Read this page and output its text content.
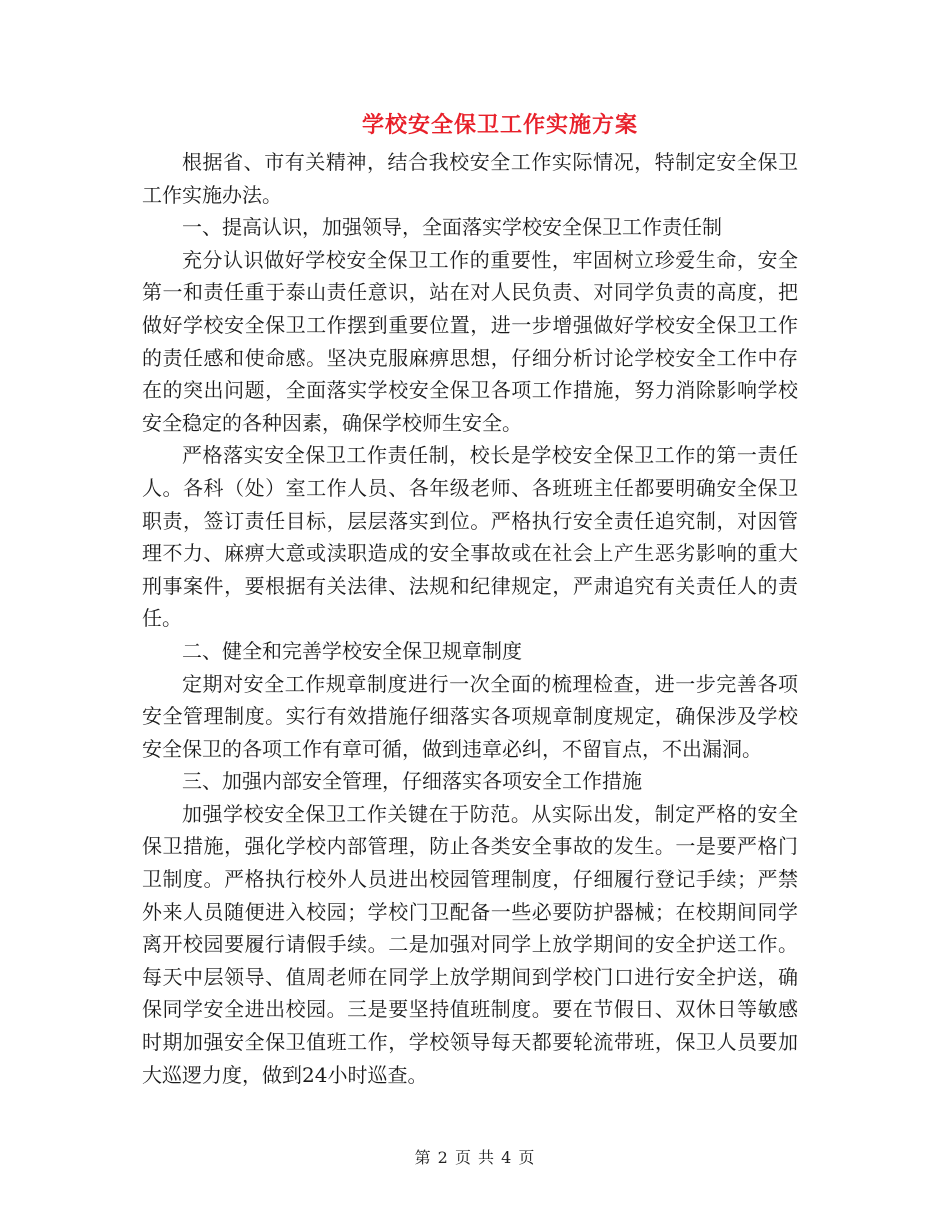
学校安全保卫工作实施方案

根据省、市有关精神，结合我校安全工作实际情况，特制定安全保卫工作实施办法。

一、提高认识，加强领导，全面落实学校安全保卫工作责任制

充分认识做好学校安全保卫工作的重要性，牢固树立珍爱生命，安全第一和责任重于泰山责任意识，站在对人民负责、对同学负责的高度，把做好学校安全保卫工作摆到重要位置，进一步增强做好学校安全保卫工作的责任感和使命感。坚决克服麻痹思想，仔细分析讨论学校安全工作中存在的突出问题，全面落实学校安全保卫各项工作措施，努力消除影响学校安全稳定的各种因素，确保学校师生安全。

严格落实安全保卫工作责任制，校长是学校安全保卫工作的第一责任人。各科（处）室工作人员、各年级老师、各班班主任都要明确安全保卫职责，签订责任目标，层层落实到位。严格执行安全责任追究制，对因管理不力、麻痹大意或渎职造成的安全事故或在社会上产生恶劣影响的重大刑事案件，要根据有关法律、法规和纪律规定，严肃追究有关责任人的责任。

二、健全和完善学校安全保卫规章制度

定期对安全工作规章制度进行一次全面的梳理检查，进一步完善各项安全管理制度。实行有效措施仔细落实各项规章制度规定，确保涉及学校安全保卫的各项工作有章可循，做到违章必纠，不留盲点，不出漏洞。

三、加强内部安全管理，仔细落实各项安全工作措施

加强学校安全保卫工作关键在于防范。从实际出发，制定严格的安全保卫措施，强化学校内部管理，防止各类安全事故的发生。一是要严格门卫制度。严格执行校外人员进出校园管理制度，仔细履行登记手续；严禁外来人员随便进入校园；学校门卫配备一些必要防护器械；在校期间同学离开校园要履行请假手续。二是加强对同学上放学期间的安全护送工作。每天中层领导、值周老师在同学上放学期间到学校门口进行安全护送，确保同学安全进出校园。三是要坚持值班制度。要在节假日、双休日等敏感时期加强安全保卫值班工作，学校领导每天都要轮流带班，保卫人员要加大巡逻力度，做到24小时巡查。

第 2 页 共 4 页
